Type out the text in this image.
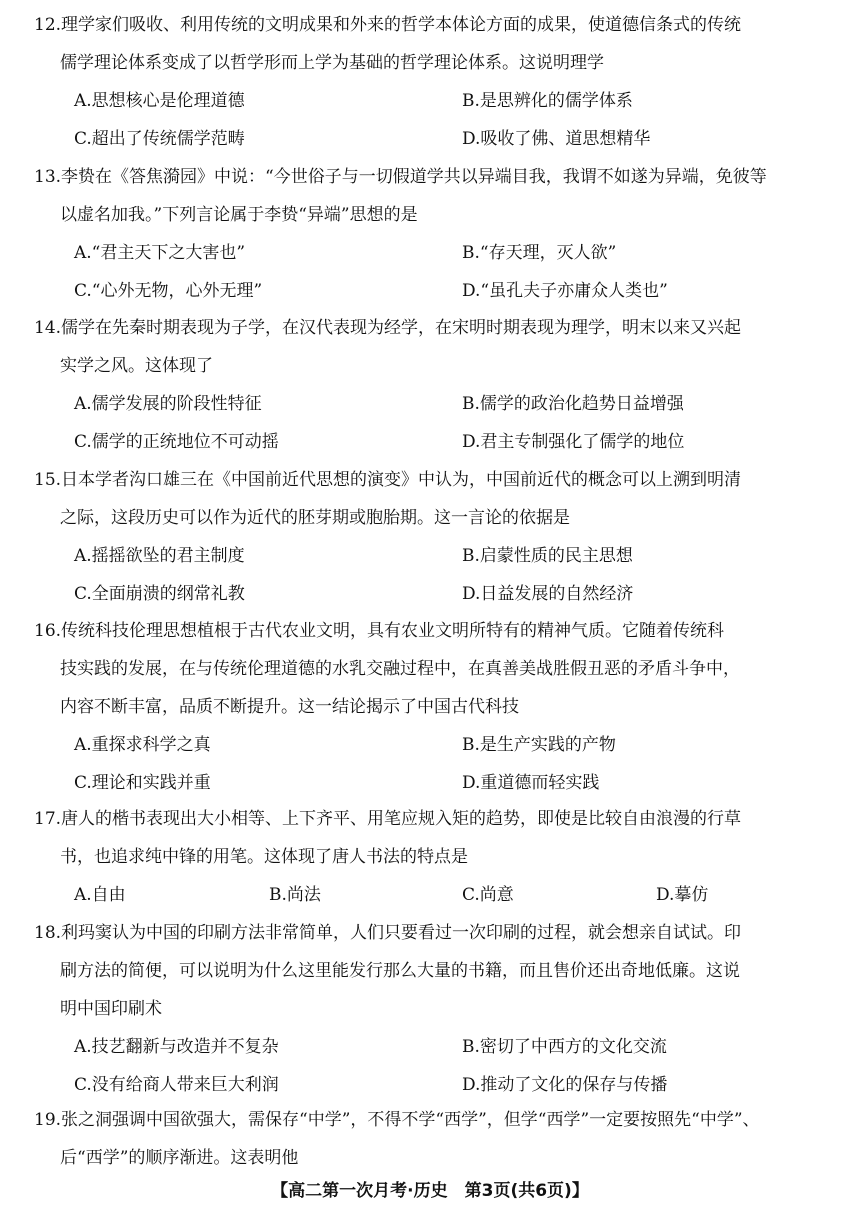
12.理学家们吸收、利用传统的文明成果和外来的哲学本体论方面的成果，使道德信条式的传统
儒学理论体系变成了以哲学形而上学为基础的哲学理论体系。这说明理学
A.思想核心是伦理道德	B.是思辨化的儒学体系
C.超出了传统儒学范畴	D.吸收了佛、道思想精华
13.李贽在《答焦漪园》中说：“今世俗子与一切假道学共以异端目我，我谓不如遂为异端，免彼等
以虚名加我。”下列言论属于李贽“异端”思想的是
A.“君主天下之大害也”	B.“存天理，灭人欲”
C.“心外无物，心外无理”	D.“虽孔夫子亦庸众人类也”
14.儒学在先秦时期表现为子学，在汉代表现为经学，在宋明时期表现为理学，明末以来又兴起
实学之风。这体现了
A.儒学发展的阶段性特征	B.儒学的政治化趋势日益增强
C.儒学的正统地位不可动摇	D.君主专制强化了儒学的地位
15.日本学者沟口雄三在《中国前近代思想的演变》中认为，中国前近代的概念可以上溯到明清
之际，这段历史可以作为近代的胚芽期或胞胎期。这一言论的依据是
A.摇摇欲坠的君主制度	B.启蒙性质的民主思想
C.全面崩溃的纲常礼教	D.日益发展的自然经济
16.传统科技伦理思想植根于古代农业文明，具有农业文明所特有的精神气质。它随着传统科
技实践的发展，在与传统伦理道德的水乳交融过程中，在真善美战胜假丑恶的矛盾斗争中，
内容不断丰富，品质不断提升。这一结论揭示了中国古代科技
A.重探求科学之真	B.是生产实践的产物
C.理论和实践并重	D.重道德而轻实践
17.唐人的楷书表现出大小相等、上下齐平、用笔应规入矩的趋势，即使是比较自由浪漫的行草
书，也追求纯中锋的用笔。这体现了唐人书法的特点是
A.自由	B.尚法	C.尚意	D.摹仿
18.利玛窦认为中国的印刷方法非常简单，人们只要看过一次印刷的过程，就会想亲自试试。印
刷方法的简便，可以说明为什么这里能发行那么大量的书籍，而且售价还出奇地低廉。这说
明中国印刷术
A.技艺翻新与改造并不复杂	B.密切了中西方的文化交流
C.没有给商人带来巨大利润	D.推动了文化的保存与传播
19.张之洞强调中国欲强大，需保存“中学”，不得不学“西学”，但学“西学”一定要按照先“中学”、
后“西学”的顺序渐进。这表明他
【高二第一次月考·历史　第3页(共6页)】
